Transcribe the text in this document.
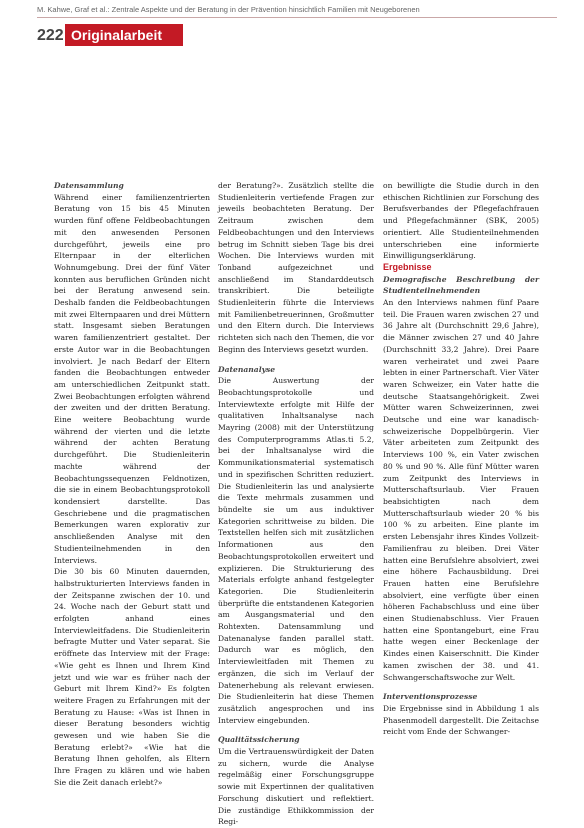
M. Kahwe, Graf et al.: Zentrale Aspekte und der Beratung in der Prävention hinsichtlich Familien mit Neugeborenen
222 Originalarbeit

Datensammlung

Während einer familienzentrierten Beratung von 15 bis 45 Minuten wurden fünf offene Feldbeobachtungen mit den anwesenden Personen durchgeführt, jeweils eine pro Elternpaar in der elterlichen Wohnumgebung. Drei der fünf Väter konnten aus beruflichen Gründen nicht bei der Beratung anwesend sein. Deshalb fanden die Feldbeobachtungen mit zwei Elternpaaren und drei Müttern statt. Insgesamt sieben Beratungen waren familienzentriert gestaltet. Der erste Autor war in die Beobachtungen involviert. Je nach Bedarf der Eltern fanden die Beobachtungen entweder am unterschiedlichen Zeitpunkt statt. Zwei Beobachtungen erfolgten während der zweiten und der dritten Beratung. Eine weitere Beobachtung wurde während der vierten und die letzte während der achten Beratung durchgeführt. Die Studienleiterin machte während der Beobachtungssequenzen Feldnotizen, die sie in einem Beobachtungsprotokoll kondensiert darstellte. Das Geschriebene und die pragmatischen Bemerkungen waren explorativ zur anschließenden Analyse mit den Studienteilnehmenden in den Interviews.

Die 30 bis 60 Minuten dauernden, halbstrukturierten Interviews fanden in der Zeitspanne zwischen der 10. und 24. Woche nach der Geburt statt und erfolgten anhand eines Interviewleitfadens. Die Studienleiterin befragte Mutter und Vater separat. Sie eröffnete das Interview mit der Frage: «Wie geht es Ihnen und Ihrem Kind jetzt und wie war es früher nach der Geburt mit Ihrem Kind?» Es folgten weitere Fragen zu Erfahrungen mit der Beratung zu Hause: «Was ist Ihnen in dieser Beratung besonders wichtig gewesen und wie haben Sie die Beratung erlebt?» «Wie hat die Beratung Ihnen geholfen, als Eltern Ihre Fragen zu klären und wie haben Sie die Zeit danach erlebt?»

der Beratung?». Zusätzlich stellte die Studienleiterin vertiefende Fragen zur jeweils beobachteten Beratung. Der Zeitraum zwischen dem Feldbeobachtungen und den Interviews betrug im Schnitt sieben Tage bis drei Wochen. Die Interviews wurden mit Tonband aufgezeichnet und anschließend im Standarddeutsch transkribiert. Die beteiligte Studienleiterin führte die Interviews mit Familienbetreuerinnen, Großmutter und den Eltern durch. Die Interviews richteten sich nach den Themen, die vor Beginn des Interviews gesetzt wurden.

Datenanalyse

Die Auswertung der Beobachtungsprotokolle und Interviewtexte erfolgte mit Hilfe der qualitativen Inhaltsanalyse nach Mayring (2008) mit der Unterstützung des Computerprogramms Atlas.ti 5.2, bei der Inhaltsanalyse wird die Kommunikationsmaterial systematisch und in spezifischen Schritten reduziert. Die Studienleiterin las und analysierte die Texte mehrmals zusammen und bündelte sie um aus induktiver Kategorien schrittweise zu bilden. Die Textstellen helfen sich mit zusätzlichen Informationen aus den Beobachtungsprotokollen erweitert und explizieren. Die Strukturierung des Materials erfolgte anhand festgelegter Kategorien. Die Studienleiterin überprüfte die entstandenen Kategorien am Ausgangsmaterial und den Rohtexten. Datensammlung und Datenanalyse fanden parallel statt. Dadurch war es möglich, den Interviewleitfaden mit Themen zu ergänzen, die sich im Verlauf der Datenerhebung als relevant erwiesen. Die Studienleiterin hat diese Themen zusätzlich angesprochen und ins Interview eingebunden.

Qualitätssicherung

Um die Vertrauenswürdigkeit der Daten zu sichern, wurde die Analyse regelmäßig einer Forschungsgruppe sowie mit Expertinnen der qualitativen Forschung diskutiert und reflektiert. Die zuständige Ethikkommission der Regi-

on bewilligte die Studie durch in den ethischen Richtlinien zur Forschung des Berufsverbandes der Pflegefachfrauen und Pflegefachmänner (SBK, 2005) orientiert. Alle Studienteilnehmenden unterschrieben eine informierte Einwilligungserklärung.

Ergebnisse

Demografische Beschreibung der Studienteilnehmenden

An den Interviews nahmen fünf Paare teil. Die Frauen waren zwischen 27 und 36 Jahre alt (Durchschnitt 29,6 Jahre), die Männer zwischen 27 und 40 Jahre (Durchschnitt 33,2 Jahre). Drei Paare waren verheiratet und zwei Paare lebten in einer Partnerschaft. Vier Väter waren Schweizer, ein Vater hatte die deutsche Staatsangehörigkeit. Zwei Mütter waren Schweizerinnen, zwei Deutsche und eine war kanadisch-schweizerische Doppelbürgerin. Vier Väter arbeiteten zum Zeitpunkt des Interviews 100 %, ein Vater zwischen 80 % und 90 %. Alle fünf Mütter waren zum Zeitpunkt des Interviews in Mutterschaftsurlaub. Vier Frauen beabsichtigten nach dem Mutterschaftsurlaub wieder 20 % bis 100 % zu arbeiten. Eine plante im ersten Lebensjahr ihres Kindes Vollzeit-Familienfrau zu bleiben. Drei Väter hatten eine Berufslehre absolviert, zwei eine höhere Fachausbildung. Drei Frauen hatten eine Berufslehre absolviert, eine verfügte über einen höheren Fachabschluss und eine über einen Studienabschluss. Vier Frauen hatten eine Spontangeburt, eine Frau hatte wegen einer Beckenlage der Kindes einen Kaiserschnitt. Die Kinder kamen zwischen der 38. und 41. Schwangerschaftswoche zur Welt.

Interventionsprozesse

Die Ergebnisse sind in Abbildung 1 als Phasenmodell dargestellt. Die Zeitachse reicht vom Ende der Schwanger-
